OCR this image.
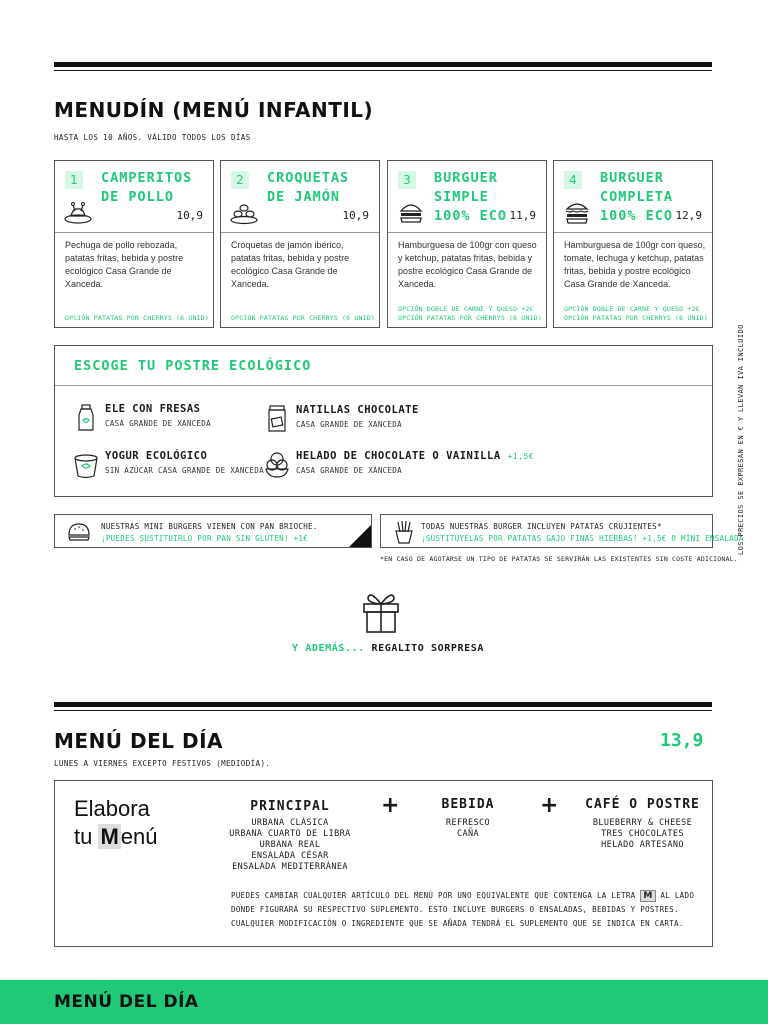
MENUDÍN (MENÚ INFANTIL)
HASTA LOS 10 AÑOS. VÁLIDO TODOS LOS DÍAS
1	CAMPERITOS DE POLLO
10,9
Pechuga de pollo rebozada, patatas fritas, bebida y postre ecológico Casa Grande de Xanceda.
OPCIÓN PATATAS POR CHERRYS (6 UNID)
2	CROQUETAS DE JAMÓN
10,9
Croquetas de jamón ibérico, patatas fritas, bebida y postre ecológico Casa Grande de Xanceda.
OPCIÓN PATATAS POR CHERRYS (6 UNID)
3	BURGUER
SIMPLE
100% ECO 11,9
Hamburguesa de 100gr con queso y ketchup, patatas fritas, bebida y postre ecológico Casa Grande de Xanceda.
OPCIÓN DOBLE DE CARNE Y QUESO +2€
OPCIÓN PATATAS POR CHERRYS (6 UNID)
4	BURGUER
COMPLETA
100% ECO 12,9
Hamburguesa de 100gr con queso, tomate, lechuga y ketchup, patatas fritas, bebida y postre ecológico Casa Grande de Xanceda.
OPCIÓN DOBLE DE CARNE Y QUESO +2€
OPCIÓN PATATAS POR CHERRYS (6 UNID)
ESCOGE TU POSTRE ECOLÓGICO
ELE CON FRESAS
CASA GRANDE DE XANCEDA
NATILLAS CHOCOLATE
CASA GRANDE DE XANCEDA
YOGUR ECOLÓGICO
SIN AZÚCAR CASA GRANDE DE XANCEDA
HELADO DE CHOCOLATE O VAINILLA +1,5€
CASA GRANDE DE XANCEDA
NUESTRAS MINI BURGERS VIENEN CON PAN BRIOCHE.
¡PUEDES SUSTITUIRLO POR PAN SIN GLUTEN! +1€
TODAS NUESTRAS BURGER INCLUYEN PATATAS CRUJIENTES*
¡SUSTITÚYELAS POR PATATAS GAJO FINAS HIERBAS! +1,5€ O MINI ENSALADA
*EN CASO DE AGOTARSE UN TIPO DE PATATAS SE SERVIRÁN LAS EXISTENTES SIN COSTE ADICIONAL.
Y ADEMÁS... REGALITO SORPRESA
LOS PRECIOS SE EXPRESAN EN € Y LLEVAN IVA INCLUIDO
MENÚ DEL DÍA	13,9
LUNES A VIERNES EXCEPTO FESTIVOS (MEDIODÍA).
Elabora
tu Menú
PRINCIPAL
URBANA CLÁSICA
URBANA CUARTO DE LIBRA
URBANA REAL
ENSALADA CÉSAR
ENSALADA MEDITERRÁNEA
+	BEBIDA
REFRESCO
CAÑA
+	CAFÉ O POSTRE
BLUEBERRY & CHEESE
TRES CHOCOLATES
HELADO ARTESANO
PUEDES CAMBIAR CUALQUIER ARTÍCULO DEL MENÚ POR UNO EQUIVALENTE QUE CONTENGA LA LETRA M AL LADO DONDE FIGURARÁ SU RESPECTIVO SUPLEMENTO. ESTO INCLUYE BURGERS O ENSALADAS, BEBIDAS Y POSTRES. CUALQUIER MODIFICACIÓN O INGREDIENTE QUE SE AÑADA TENDRÁ EL SUPLEMENTO QUE SE INDICA EN CARTA.
MENÚ DEL DÍA
